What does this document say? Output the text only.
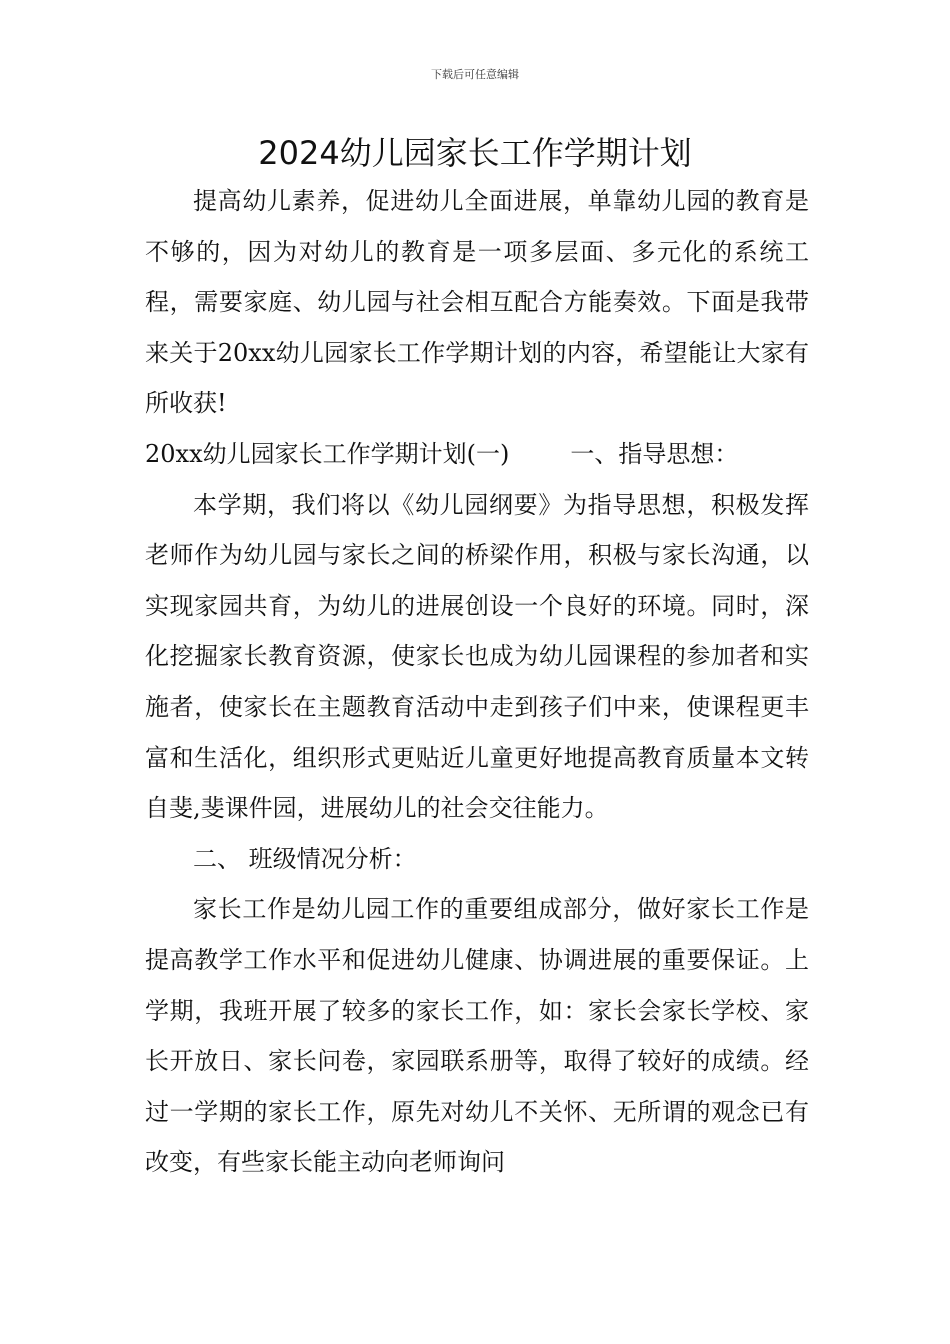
下载后可任意编辑
2024幼儿园家长工作学期计划

提高幼儿素养，促进幼儿全面进展，单靠幼儿园的教育是不够的，因为对幼儿的教育是一项多层面、多元化的系统工程，需要家庭、幼儿园与社会相互配合方能奏效。下面是我带来关于20xx幼儿园家长工作学期计划的内容，希望能让大家有所收获!

20xx幼儿园家长工作学期计划(一)        一、指导思想：

本学期，我们将以《幼儿园纲要》为指导思想，积极发挥老师作为幼儿园与家长之间的桥梁作用，积极与家长沟通，以实现家园共育，为幼儿的进展创设一个良好的环境。同时，深化挖掘家长教育资源，使家长也成为幼儿园课程的参加者和实施者，使家长在主题教育活动中走到孩子们中来，使课程更丰富和生活化，组织形式更贴近儿童更好地提高教育质量本文转自斐,斐课件园，进展幼儿的社会交往能力。

二、 班级情况分析：

家长工作是幼儿园工作的重要组成部分，做好家长工作是提高教学工作水平和促进幼儿健康、协调进展的重要保证。上学期，我班开展了较多的家长工作，如：家长会家长学校、家长开放日、家长问卷，家园联系册等，取得了较好的成绩。经过一学期的家长工作，原先对幼儿不关怀、无所谓的观念已有改变，有些家长能主动向老师询问
